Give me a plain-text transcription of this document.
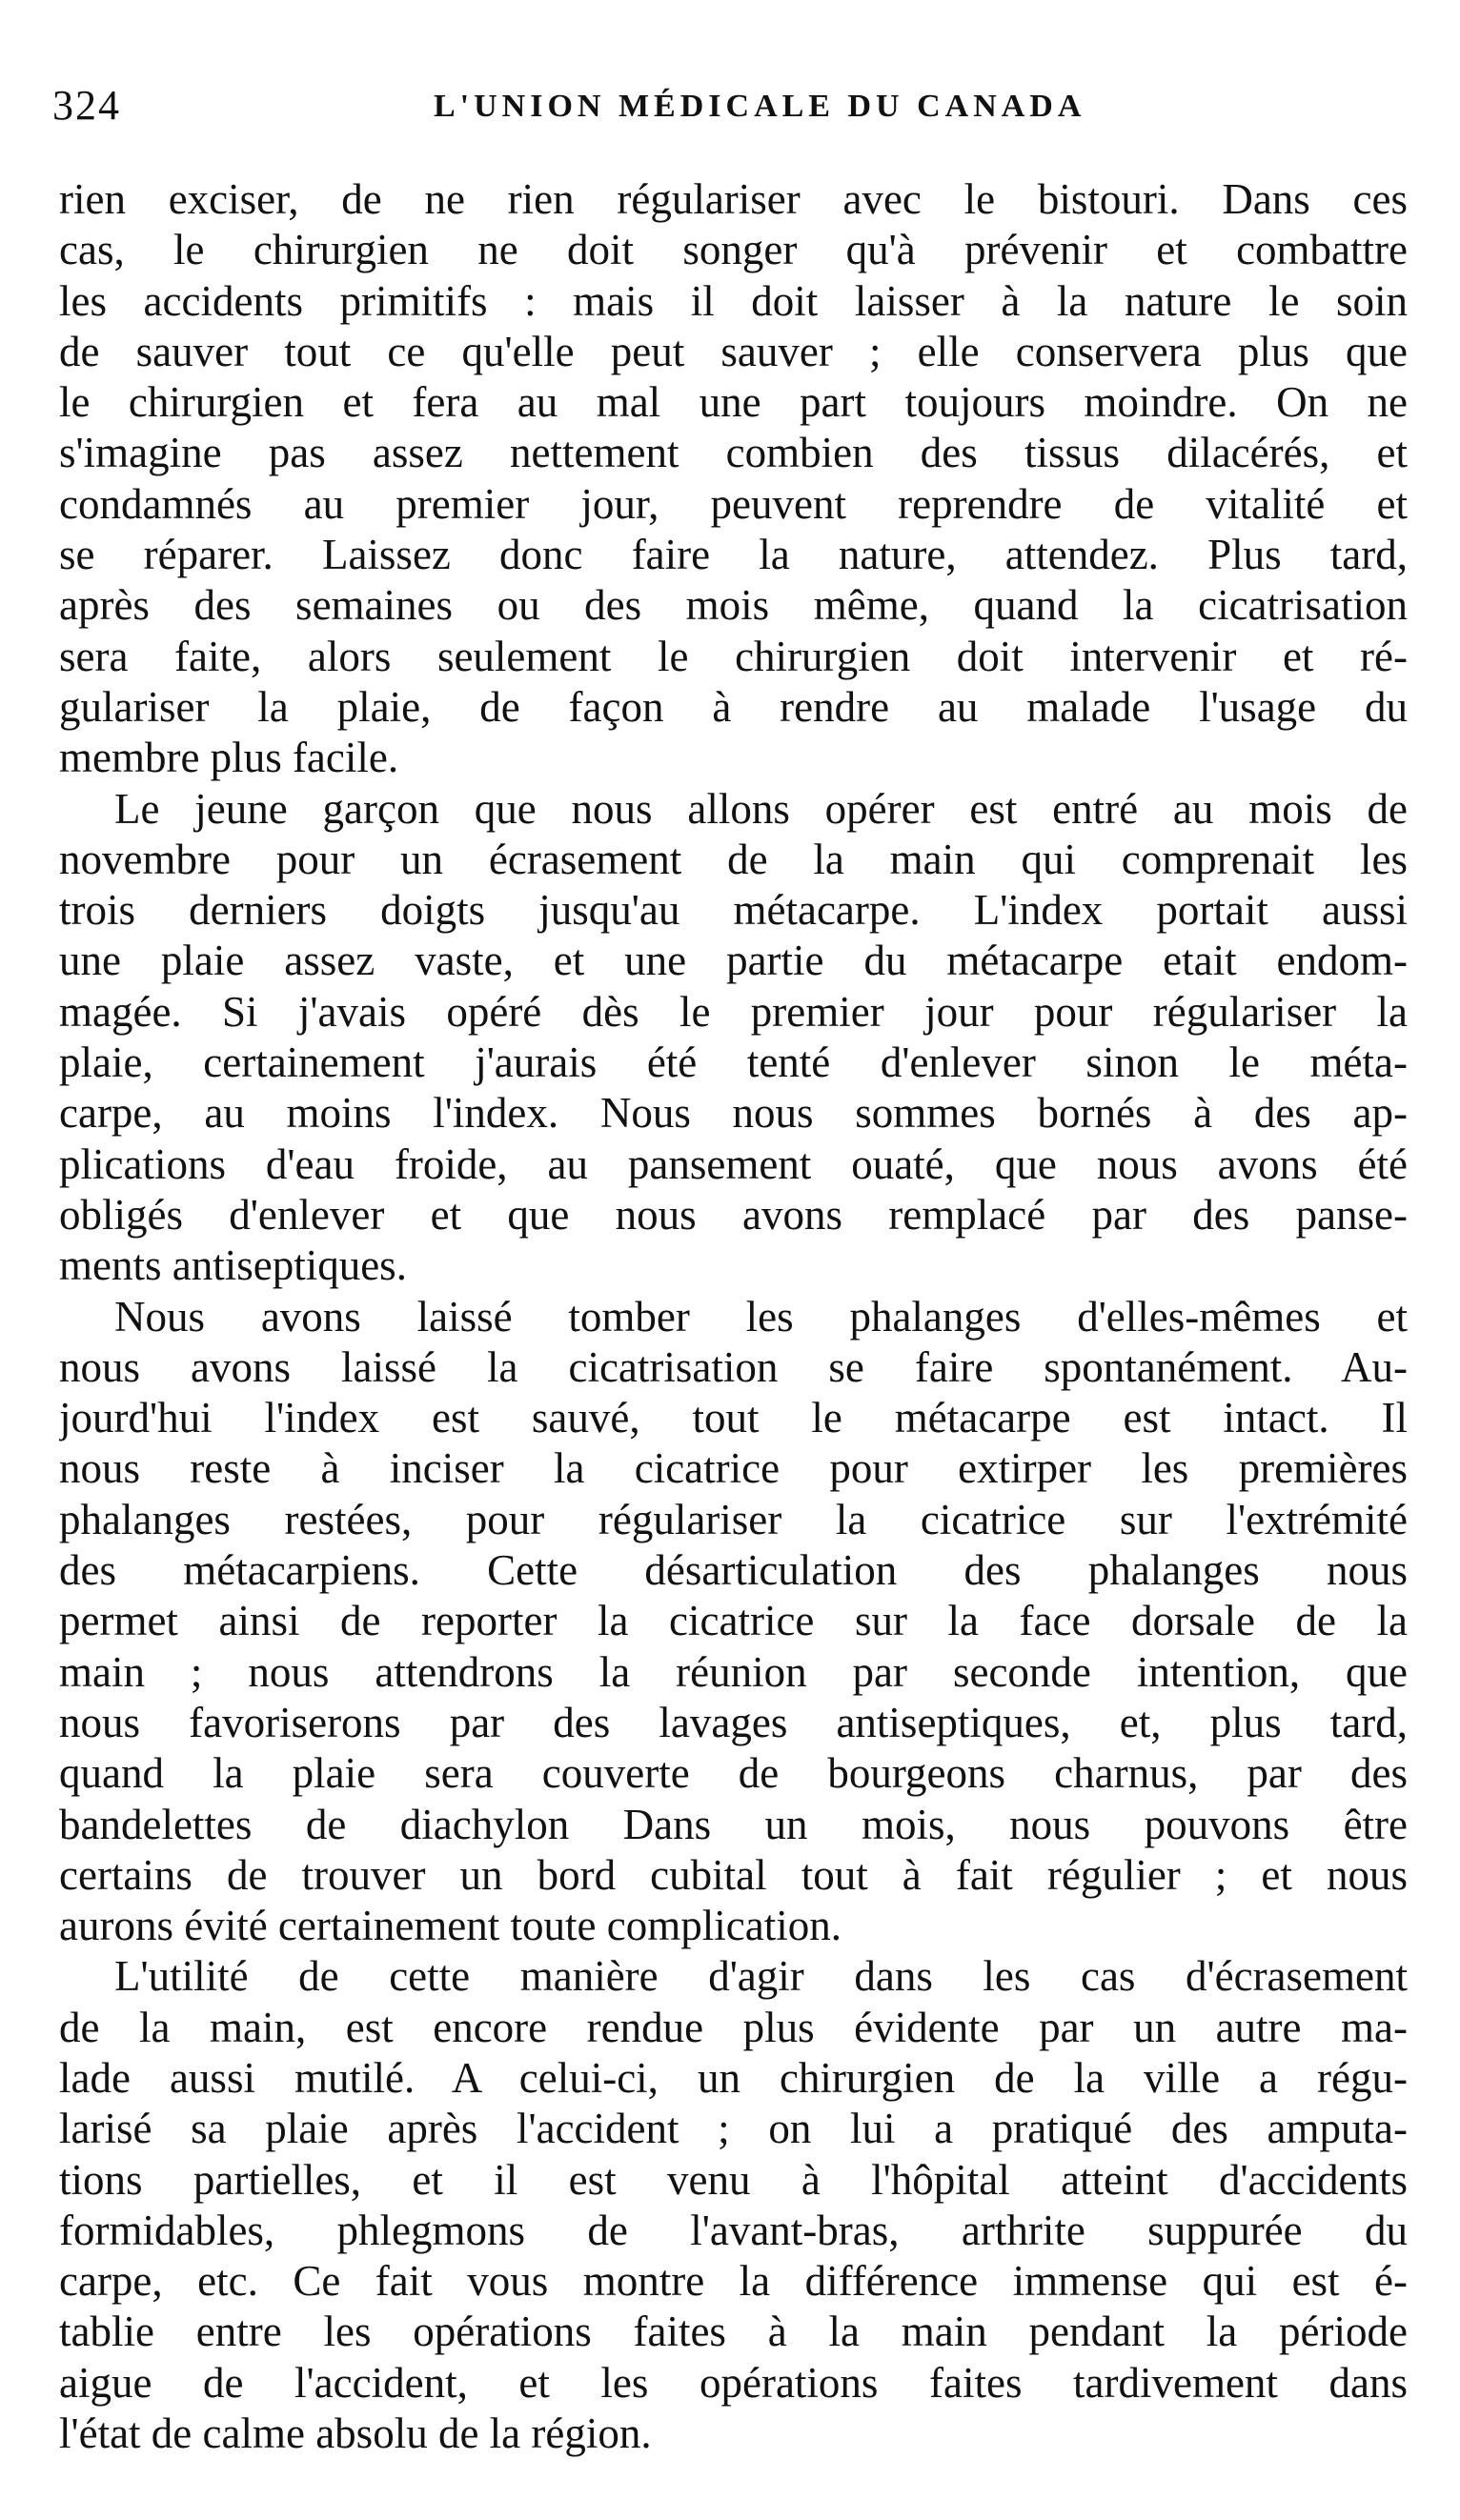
324	L'UNION MÉDICALE DU CANADA
rien exciser, de ne rien régulariser avec le bistouri. Dans ces
cas, le chirurgien ne doit songer qu'à prévenir et combattre
les accidents primitifs : mais il doit laisser à la nature le soin
de sauver tout ce qu'elle peut sauver ; elle conservera plus que
le chirurgien et fera au mal une part toujours moindre. On ne
s'imagine pas assez nettement combien des tissus dilacérés, et
condamnés au premier jour, peuvent reprendre de vitalité et
se réparer. Laissez donc faire la nature, attendez. Plus tard,
après des semaines ou des mois même, quand la cicatrisation
sera faite, alors seulement le chirurgien doit intervenir et ré-
gulariser la plaie, de façon à rendre au malade l'usage du
membre plus facile.
Le jeune garçon que nous allons opérer est entré au mois de
novembre pour un écrasement de la main qui comprenait les
trois derniers doigts jusqu'au métacarpe. L'index portait aussi
une plaie assez vaste, et une partie du métacarpe etait endom-
magée. Si j'avais opéré dès le premier jour pour régulariser la
plaie, certainement j'aurais été tenté d'enlever sinon le méta-
carpe, au moins l'index. Nous nous sommes bornés à des ap-
plications d'eau froide, au pansement ouaté, que nous avons été
obligés d'enlever et que nous avons remplacé par des panse-
ments antiseptiques.
Nous avons laissé tomber les phalanges d'elles-mêmes et
nous avons laissé la cicatrisation se faire spontanément. Au-
jourd'hui l'index est sauvé, tout le métacarpe est intact. Il
nous reste à inciser la cicatrice pour extirper les premières
phalanges restées, pour régulariser la cicatrice sur l'extrémité
des métacarpiens. Cette désarticulation des phalanges nous
permet ainsi de reporter la cicatrice sur la face dorsale de la
main ; nous attendrons la réunion par seconde intention, que
nous favoriserons par des lavages antiseptiques, et, plus tard,
quand la plaie sera couverte de bourgeons charnus, par des
bandelettes de diachylon Dans un mois, nous pouvons être
certains de trouver un bord cubital tout à fait régulier ; et nous
aurons évité certainement toute complication.
L'utilité de cette manière d'agir dans les cas d'écrasement
de la main, est encore rendue plus évidente par un autre ma-
lade aussi mutilé. A celui-ci, un chirurgien de la ville a régu-
larisé sa plaie après l'accident ; on lui a pratiqué des amputa-
tions partielles, et il est venu à l'hôpital atteint d'accidents
formidables, phlegmons de l'avant-bras, arthrite suppurée du
carpe, etc. Ce fait vous montre la différence immense qui est é-
tablie entre les opérations faites à la main pendant la période
aigue de l'accident, et les opérations faites tardivement dans
l'état de calme absolu de la région.
